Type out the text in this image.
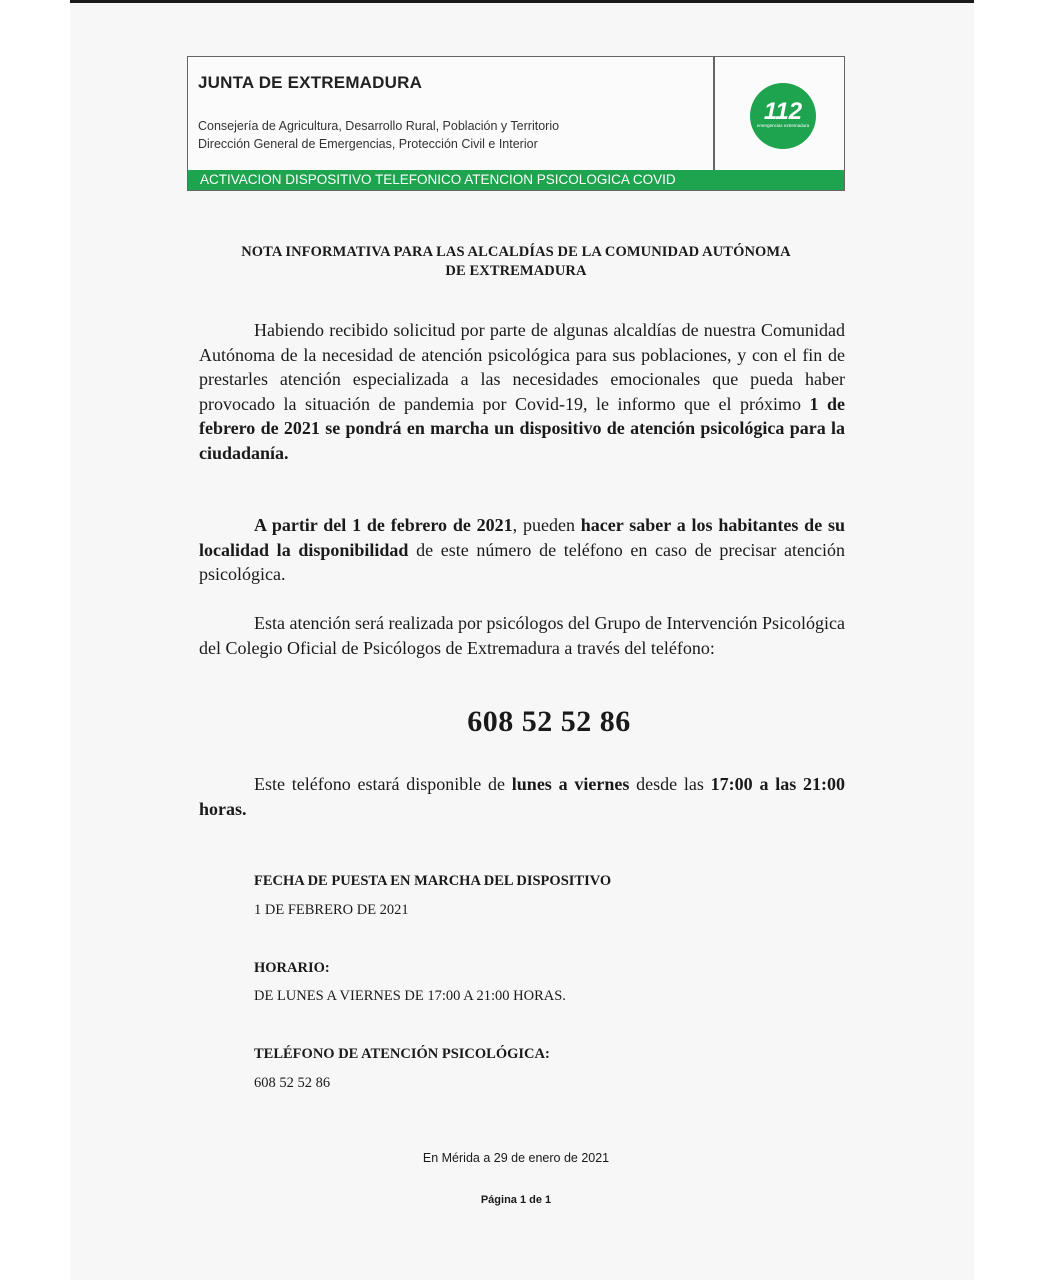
JUNTA DE EXTREMADURA
Consejería de Agricultura, Desarrollo Rural, Población y Territorio
Dirección General de Emergencias, Protección Civil e Interior
112
emergencias extremadura
ACTIVACION DISPOSITIVO TELEFONICO ATENCION PSICOLOGICA COVID
NOTA INFORMATIVA PARA LAS ALCALDÍAS DE LA COMUNIDAD AUTÓNOMA
DE EXTREMADURA
Habiendo recibido solicitud por parte de algunas alcaldías de nuestra Comunidad Autónoma de la necesidad de atención psicológica para sus poblaciones, y con el fin de prestarles atención especializada a las necesidades emocionales que pueda haber provocado la situación de pandemia por Covid-19, le informo que el próximo 1 de febrero de 2021 se pondrá en marcha un dispositivo de atención psicológica para la ciudadanía.
A partir del 1 de febrero de 2021, pueden hacer saber a los habitantes de su localidad la disponibilidad de este número de teléfono en caso de precisar atención psicológica.
Esta atención será realizada por psicólogos del Grupo de Intervención Psicológica del Colegio Oficial de Psicólogos de Extremadura a través del teléfono:
608 52 52 86
Este teléfono estará disponible de lunes a viernes desde las 17:00 a las 21:00 horas.
FECHA DE PUESTA EN MARCHA DEL DISPOSITIVO
1 DE FEBRERO DE 2021
HORARIO:
DE LUNES A VIERNES DE 17:00 A 21:00 HORAS.
TELÉFONO DE ATENCIÓN PSICOLÓGICA:
608 52 52 86
En Mérida a 29 de enero de 2021
Página 1 de 1
